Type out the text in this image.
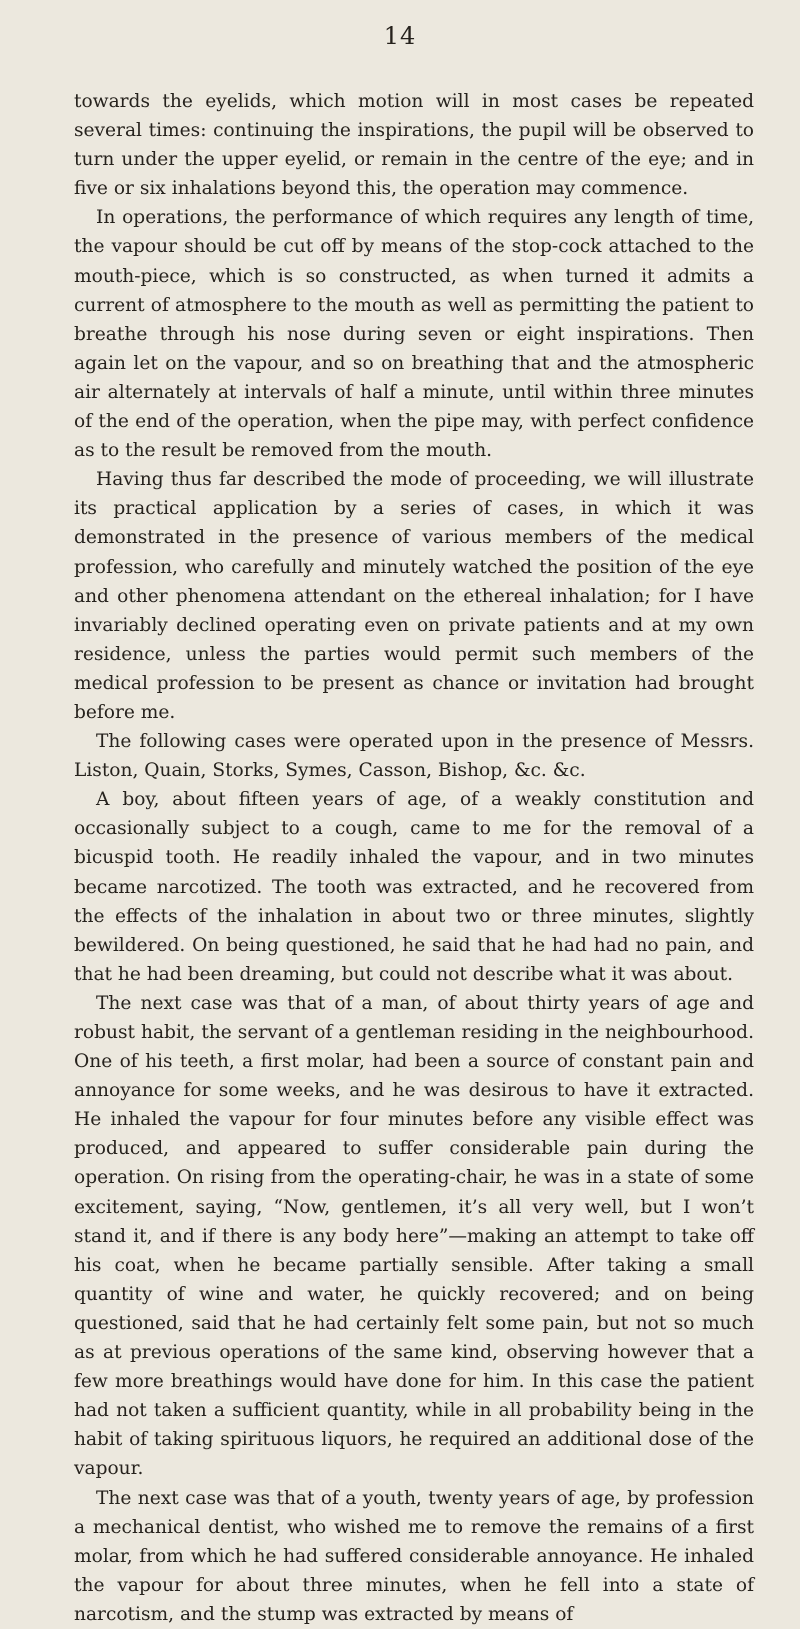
14

towards the eyelids, which motion will in most cases be repeated several times: continuing the inspirations, the pupil will be observed to turn under the upper eyelid, or remain in the centre of the eye; and in five or six inhalations beyond this, the operation may commence.

In operations, the performance of which requires any length of time, the vapour should be cut off by means of the stop-cock attached to the mouth-piece, which is so constructed, as when turned it admits a current of atmosphere to the mouth as well as permitting the patient to breathe through his nose during seven or eight inspirations. Then again let on the vapour, and so on breathing that and the atmospheric air alternately at intervals of half a minute, until within three minutes of the end of the operation, when the pipe may, with perfect confidence as to the result be removed from the mouth.

Having thus far described the mode of proceeding, we will illustrate its practical application by a series of cases, in which it was demonstrated in the presence of various members of the medical profession, who carefully and minutely watched the position of the eye and other phenomena attendant on the ethereal inhalation; for I have invariably declined operating even on private patients and at my own residence, unless the parties would permit such members of the medical profession to be present as chance or invitation had brought before me.

The following cases were operated upon in the presence of Messrs. Liston, Quain, Storks, Symes, Casson, Bishop, &c. &c.

A boy, about fifteen years of age, of a weakly constitution and occasionally subject to a cough, came to me for the removal of a bicuspid tooth. He readily inhaled the vapour, and in two minutes became narcotized. The tooth was extracted, and he recovered from the effects of the inhalation in about two or three minutes, slightly bewildered. On being questioned, he said that he had had no pain, and that he had been dreaming, but could not describe what it was about.

The next case was that of a man, of about thirty years of age and robust habit, the servant of a gentleman residing in the neighbourhood. One of his teeth, a first molar, had been a source of constant pain and annoyance for some weeks, and he was desirous to have it extracted. He inhaled the vapour for four minutes before any visible effect was produced, and appeared to suffer considerable pain during the operation. On rising from the operating-chair, he was in a state of some excitement, saying, “Now, gentlemen, it’s all very well, but I won’t stand it, and if there is any body here”—making an attempt to take off his coat, when he became partially sensible. After taking a small quantity of wine and water, he quickly recovered; and on being questioned, said that he had certainly felt some pain, but not so much as at previous operations of the same kind, observing however that a few more breathings would have done for him. In this case the patient had not taken a sufficient quantity, while in all probability being in the habit of taking spirituous liquors, he required an additional dose of the vapour.

The next case was that of a youth, twenty years of age, by profession a mechanical dentist, who wished me to remove the remains of a first molar, from which he had suffered considerable annoyance. He inhaled the vapour for about three minutes, when he fell into a state of narcotism, and the stump was extracted by means of
